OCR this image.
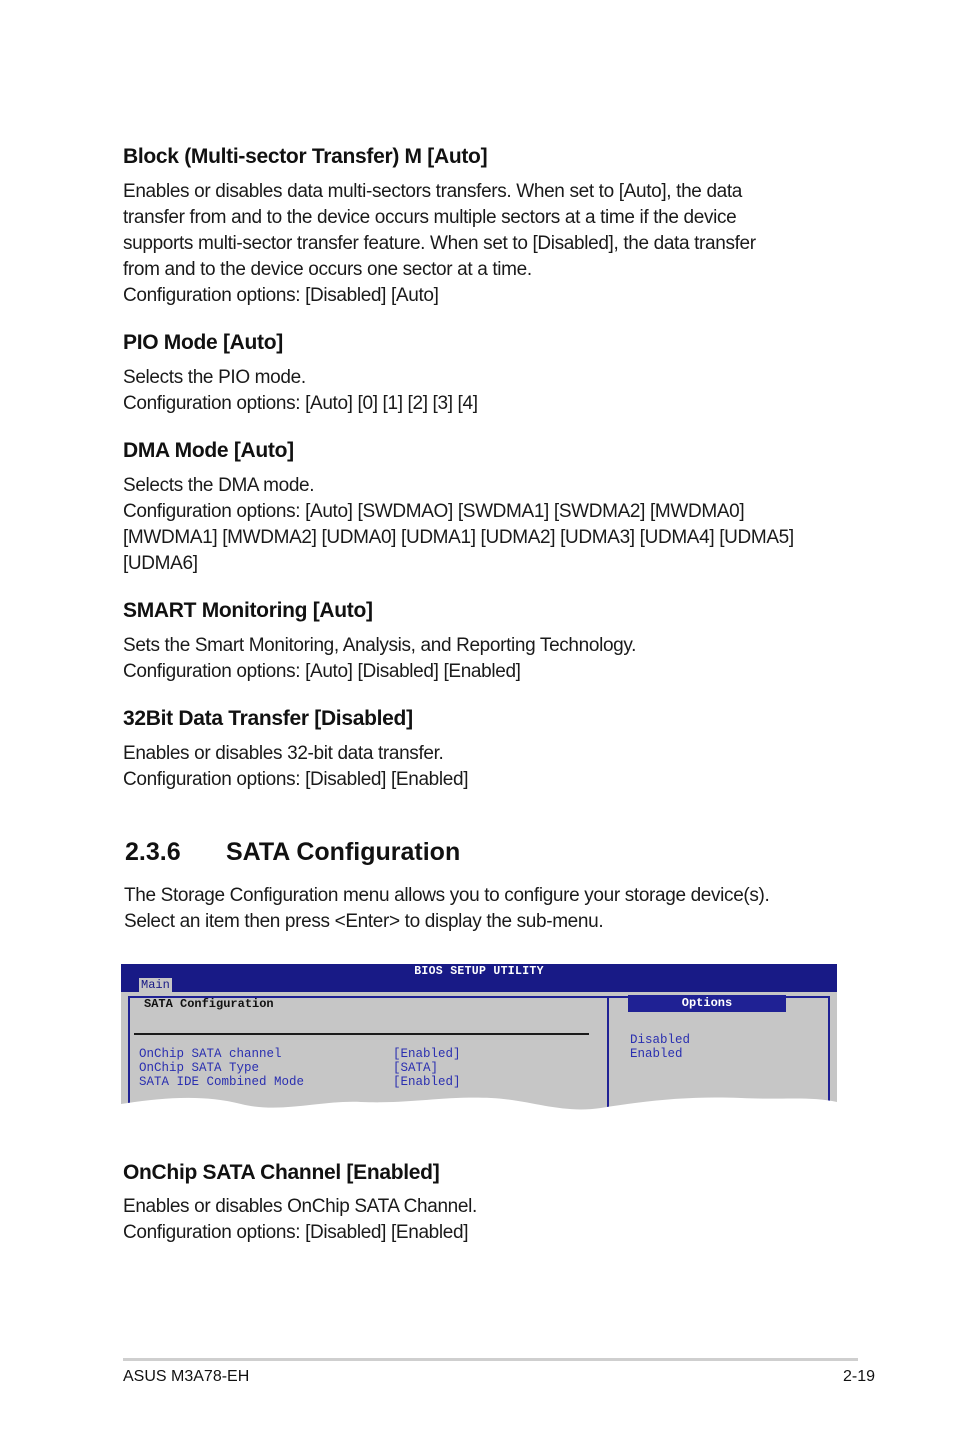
Block (Multi-sector Transfer) M [Auto]
Enables or disables data multi-sectors transfers. When set to [Auto], the data
transfer from and to the device occurs multiple sectors at a time if the device
supports multi-sector transfer feature. When set to [Disabled], the data transfer
from and to the device occurs one sector at a time.
Configuration options: [Disabled] [Auto]
PIO Mode [Auto]
Selects the PIO mode.
Configuration options: [Auto] [0] [1] [2] [3] [4]
DMA Mode [Auto]
Selects the DMA mode.
Configuration options: [Auto] [SWDMAO] [SWDMA1] [SWDMA2] [MWDMA0]
[MWDMA1] [MWDMA2] [UDMA0] [UDMA1] [UDMA2] [UDMA3] [UDMA4] [UDMA5]
[UDMA6]
SMART Monitoring [Auto]
Sets the Smart Monitoring, Analysis, and Reporting Technology.
Configuration options: [Auto] [Disabled] [Enabled]
32Bit Data Transfer [Disabled]
Enables or disables 32-bit data transfer.
Configuration options: [Disabled] [Enabled]
2.3.6 SATA Configuration
The Storage Configuration menu allows you to configure your storage device(s).
Select an item then press <Enter> to display the sub-menu.
BIOS SETUP UTILITY
Main
SATA Configuration
OnChip SATA channel	[Enabled]
OnChip SATA Type	[SATA]
SATA IDE Combined Mode	[Enabled]
Options
Disabled
Enabled
OnChip SATA Channel [Enabled]
Enables or disables OnChip SATA Channel.
Configuration options: [Disabled] [Enabled]
ASUS M3A78-EH	2-19
